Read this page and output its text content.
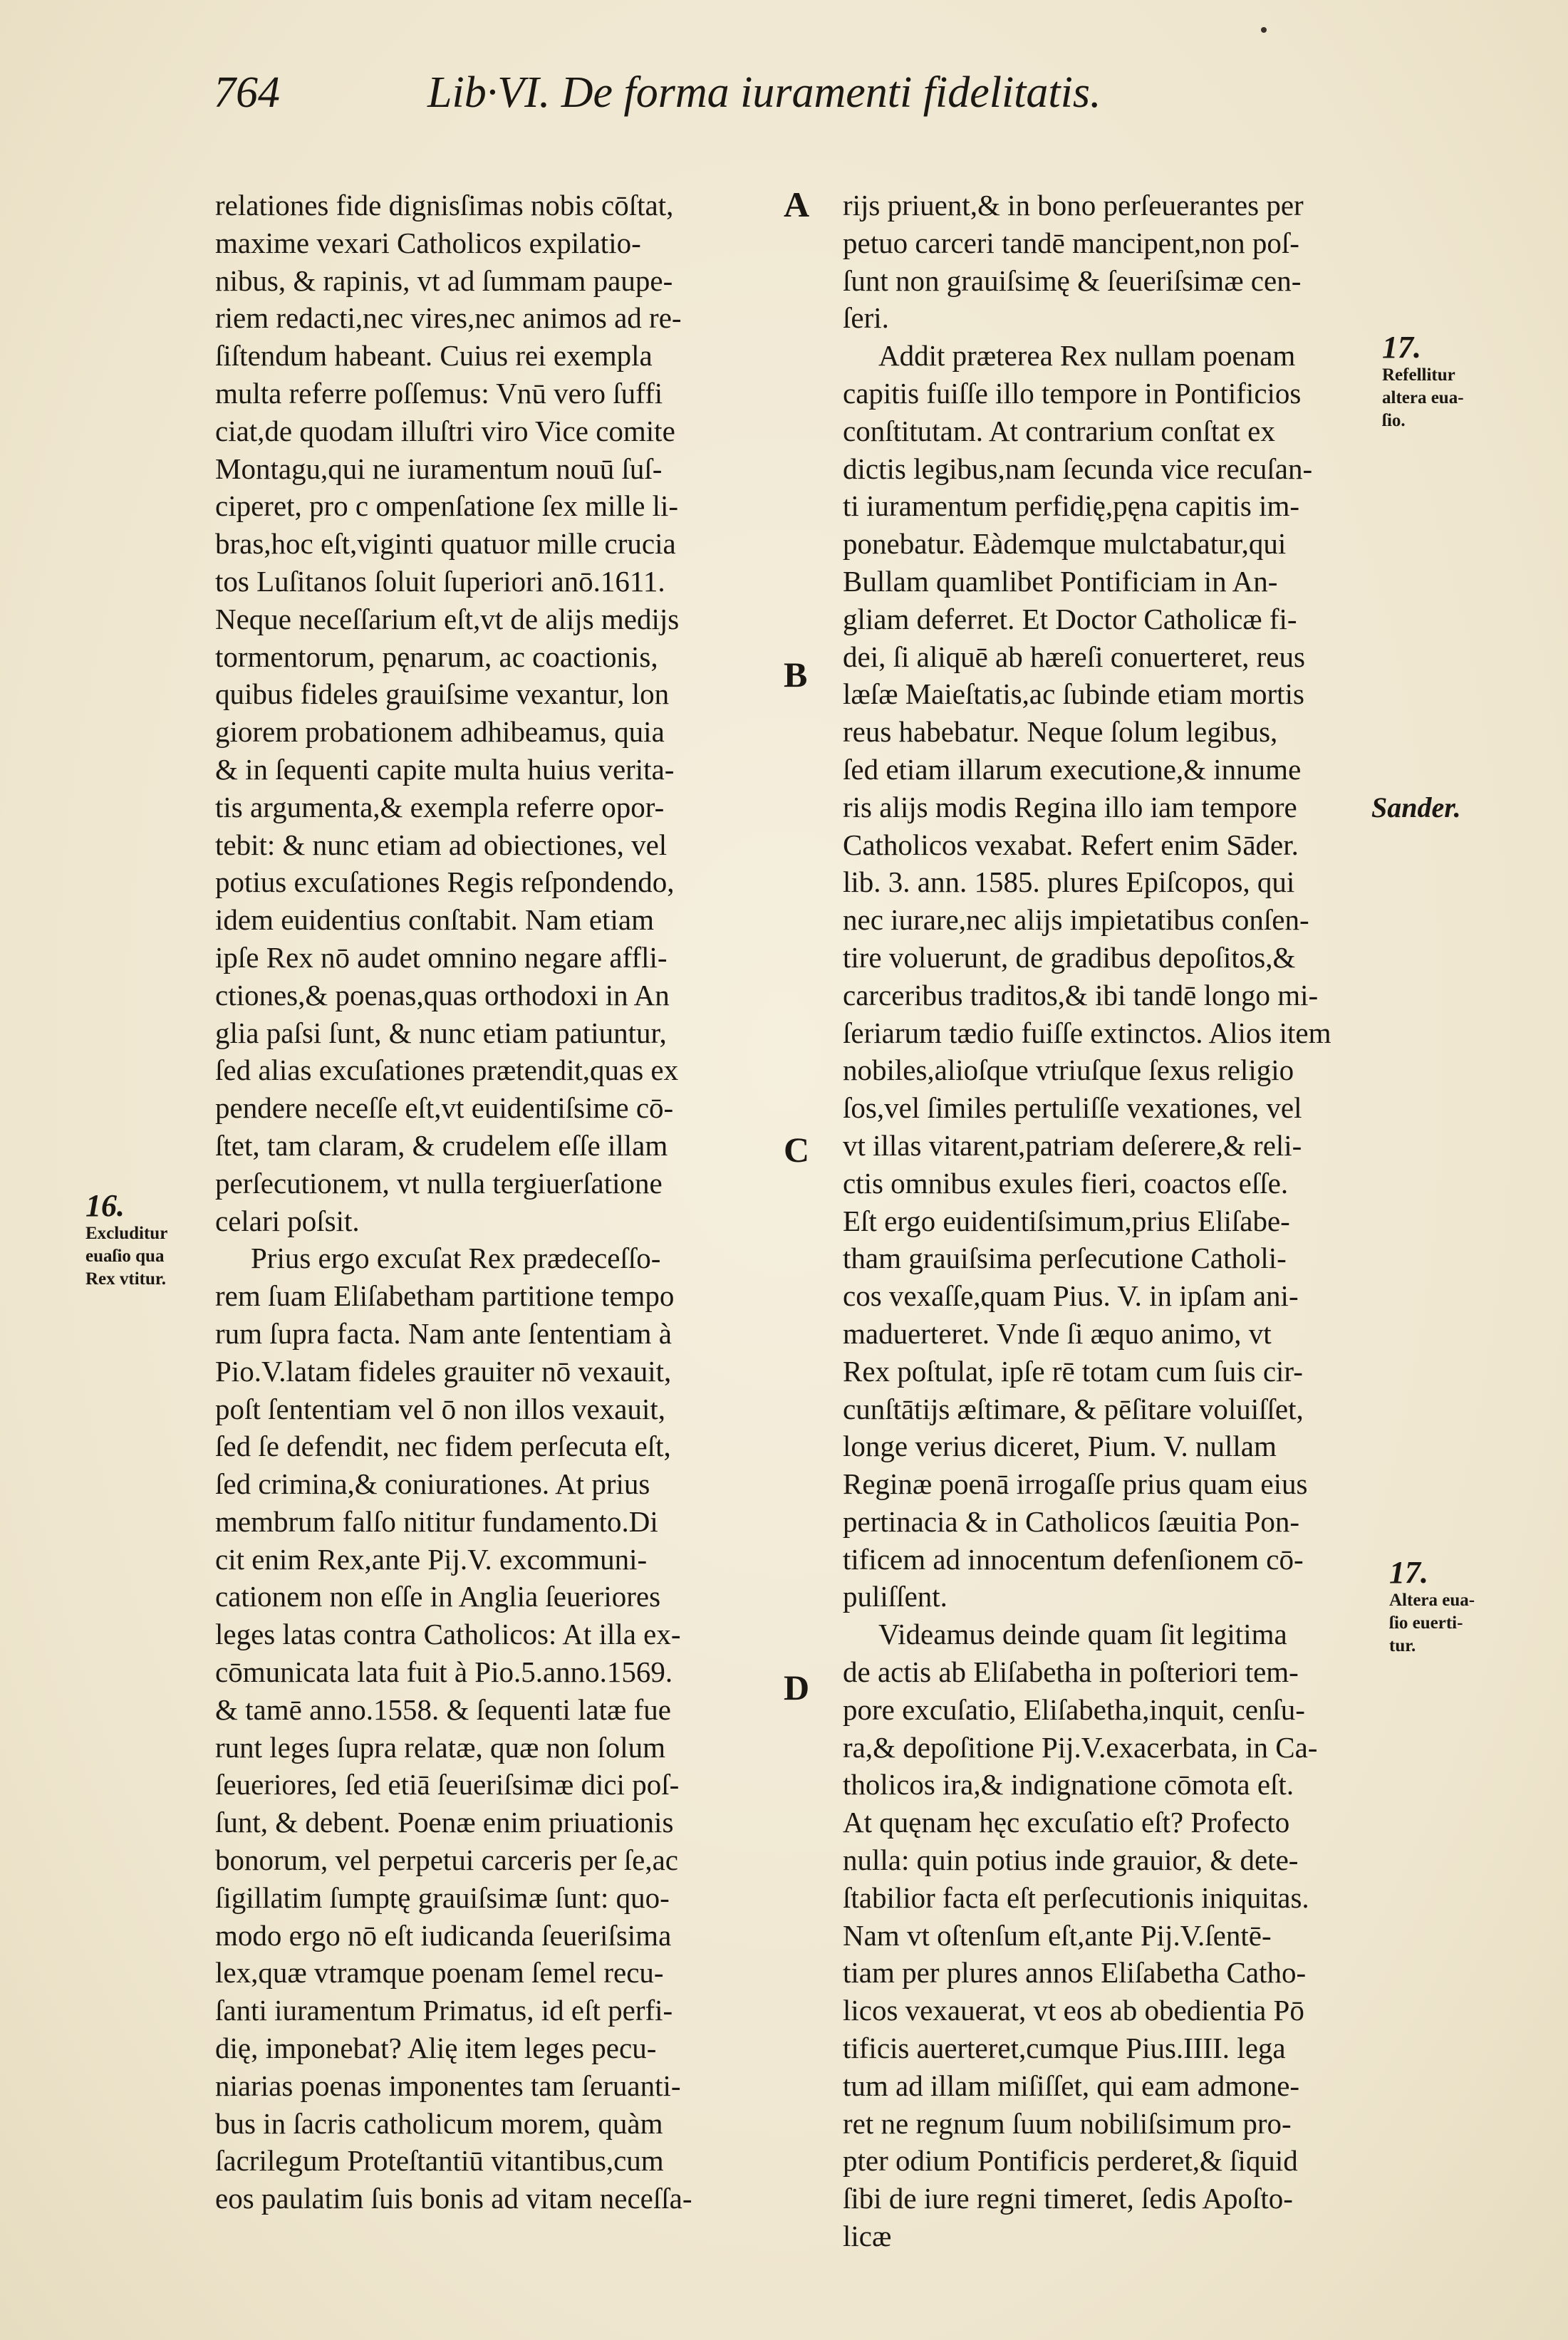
764	Lib·VI. De forma iuramenti fidelitatis.
relationes fide dignisſimas nobis cōſtat,
maxime vexari Catholicos expilatio-
nibus, & rapinis, vt ad ſummam paupe-
riem redacti,nec vires,nec animos ad re-
ſiſtendum habeant. Cuius rei exempla
multa referre poſſemus: Vnū vero ſuffi
ciat,de quodam illuſtri viro Vice comite
Montagu,qui ne iuramentum nouū ſuſ-
ciperet, pro c ompenſatione ſex mille li-
bras,hoc eſt,viginti quatuor mille crucia
tos Luſitanos ſoluit ſuperiori anō.1611.
Neque neceſſarium eſt,vt de alijs medijs
tormentorum, pęnarum, ac coactionis,
quibus fideles grauiſsime vexantur, lon
giorem probationem adhibeamus, quia
& in ſequenti capite multa huius verita-
tis argumenta,& exempla referre opor-
tebit: & nunc etiam ad obiectiones, vel
potius excuſationes Regis reſpondendo,
idem euidentius conſtabit. Nam etiam
ipſe Rex nō audet omnino negare affli-
ctiones,& poenas,quas orthodoxi in An
glia paſsi ſunt, & nunc etiam patiuntur,
ſed alias excuſationes prætendit,quas ex
pendere neceſſe eſt,vt euidentiſsime cō-
ſtet, tam claram, & crudelem eſſe illam
perſecutionem, vt nulla tergiuerſatione
celari poſsit.
Prius ergo excuſat Rex prædeceſſo-
rem ſuam Eliſabetham partitione tempo
rum ſupra facta. Nam ante ſententiam à
Pio.V.latam fideles grauiter nō vexauit,
poſt ſententiam vel ō non illos vexauit,
ſed ſe defendit, nec fidem perſecuta eſt,
ſed crimina,& coniurationes. At prius
membrum falſo nititur fundamento.Di
cit enim Rex,ante Pij.V. excommuni-
cationem non eſſe in Anglia ſeueriores
leges latas contra Catholicos: At illa ex-
cōmunicata lata fuit à Pio.5.anno.1569.
& tamē anno.1558. & ſequenti latæ fue
runt leges ſupra relatæ, quæ non ſolum
ſeueriores, ſed etiā ſeueriſsimæ dici poſ-
ſunt, & debent. Poenæ enim priuationis
bonorum, vel perpetui carceris per ſe,ac
ſigillatim ſumptę grauiſsimæ ſunt: quo-
modo ergo nō eſt iudicanda ſeueriſsima
lex,quæ vtramque poenam ſemel recu-
ſanti iuramentum Primatus, id eſt perfi-
dię, imponebat? Alię item leges pecu-
niarias poenas imponentes tam ſeruanti-
bus in ſacris catholicum morem, quàm
ſacrilegum Proteſtantiū vitantibus,cum
eos paulatim ſuis bonis ad vitam neceſſa-
rijs priuent,& in bono perſeuerantes per
petuo carceri tandē mancipent,non poſ-
ſunt non grauiſsimę & ſeueriſsimæ cen-
ſeri.
Addit præterea Rex nullam poenam
capitis fuiſſe illo tempore in Pontificios
conſtitutam. At contrarium conſtat ex
dictis legibus,nam ſecunda vice recuſan-
ti iuramentum perfidię,pęna capitis im-
ponebatur. Eàdemque mulctabatur,qui
Bullam quamlibet Pontificiam in An-
gliam deferret. Et Doctor Catholicæ fi-
dei, ſi aliquē ab hæreſi conuerteret, reus
læſæ Maieſtatis,ac ſubinde etiam mortis
reus habebatur. Neque ſolum legibus,
ſed etiam illarum executione,& innume
ris alijs modis Regina illo iam tempore
Catholicos vexabat. Refert enim Sāder.
lib. 3. ann. 1585. plures Epiſcopos, qui
nec iurare,nec alijs impietatibus conſen-
tire voluerunt, de gradibus depoſitos,&
carceribus traditos,& ibi tandē longo mi-
ſeriarum tædio fuiſſe extinctos. Alios item
nobiles,alioſque vtriuſque ſexus religio
ſos,vel ſimiles pertuliſſe vexationes, vel
vt illas vitarent,patriam deſerere,& reli-
ctis omnibus exules fieri, coactos eſſe.
Eſt ergo euidentiſsimum,prius Eliſabe-
tham grauiſsima perſecutione Catholi-
cos vexaſſe,quam Pius. V. in ipſam ani-
maduerteret. Vnde ſi æquo animo, vt
Rex poſtulat, ipſe rē totam cum ſuis cir-
cunſtātijs æſtimare, & pēſitare voluiſſet,
longe verius diceret, Pium. V. nullam
Reginæ poenā irrogaſſe prius quam eius
pertinacia & in Catholicos ſæuitia Pon-
tificem ad innocentum defenſionem cō-
puliſſent.
Videamus deinde quam ſit legitima
de actis ab Eliſabetha in poſteriori tem-
pore excuſatio, Eliſabetha,inquit, cenſu-
ra,& depoſitione Pij.V.exacerbata, in Ca-
tholicos ira,& indignatione cōmota eſt.
At quęnam hęc excuſatio eſt? Profecto
nulla: quin potius inde grauior, & dete-
ſtabilior facta eſt perſecutionis iniquitas.
Nam vt oſtenſum eſt,ante Pij.V.ſentē-
tiam per plures annos Eliſabetha Catho-
licos vexauerat, vt eos ab obedientia Pō
tificis auerteret,cumque Pius.IIII. lega
tum ad illam miſiſſet, qui eam admone-
ret ne regnum ſuum nobiliſsimum pro-
pter odium Pontificis perderet,& ſiquid
ſibi de iure regni timeret, ſedis Apoſto-
licæ
A
B
C
D
16.
Excluditur
euaſio qua
Rex vtitur.
17.
Refellitur
altera eua-
ſio.
Sander.
17.
Altera eua-
ſio euerti-
tur.
